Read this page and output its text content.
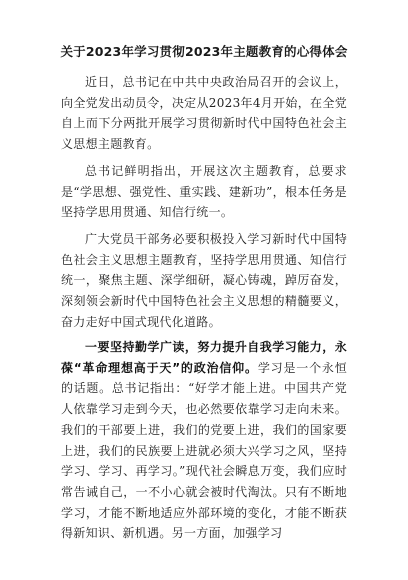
关于2023年学习贯彻2023年主题教育的心得体会

近日，总书记在中共中央政治局召开的会议上，向全党发出动员令，决定从2023年4月开始，在全党自上而下分两批开展学习贯彻新时代中国特色社会主义思想主题教育。

总书记鲜明指出，开展这次主题教育，总要求是“学思想、强党性、重实践、建新功”，根本任务是坚持学思用贯通、知信行统一。

广大党员干部务必要积极投入学习新时代中国特色社会主义思想主题教育，坚持学思用贯通、知信行统一，聚焦主题、深学细研，凝心铸魂，踔厉奋发，深刻领会新时代中国特色社会主义思想的精髓要义，奋力走好中国式现代化道路。

一要坚持勤学广读，努力提升自我学习能力，永葆“革命理想高于天”的政治信仰。学习是一个永恒的话题。总书记指出：“好学才能上进。中国共产党人依靠学习走到今天，也必然要依靠学习走向未来。我们的干部要上进，我们的党要上进，我们的国家要上进，我们的民族要上进就必须大兴学习之风，坚持学习、学习、再学习。”现代社会瞬息万变，我们应时常告诫自己，一不小心就会被时代淘汰。只有不断地学习，才能不断地适应外部环境的变化，才能不断获得新知识、新机遇。另一方面，加强学习
